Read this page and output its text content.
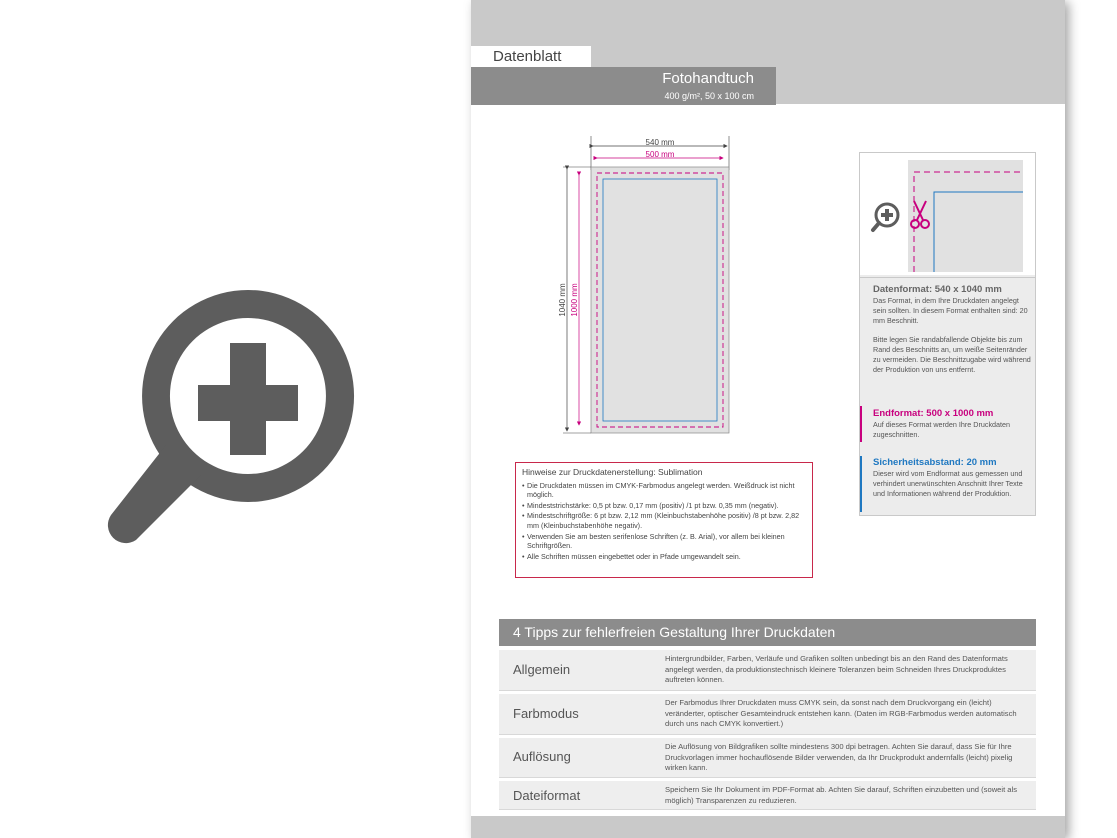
Datenblatt
Fotohandtuch
400 g/m², 50 x 100 cm
540 mm
500 mm
1040 mm 1000 mm
Hinweise zur Druckdatenerstellung: Sublimation
• Die Druckdaten müssen im CMYK-Farbmodus angelegt werden. Weißdruck ist nicht möglich.
• Mindeststrichstärke: 0,5 pt bzw. 0,17 mm (positiv) /1 pt bzw. 0,35 mm (negativ).
• Mindestschriftgröße: 6 pt bzw. 2,12 mm (Kleinbuchstabenhöhe positiv) /8 pt bzw. 2,82 mm (Kleinbuchstabenhöhe negativ).
• Verwenden Sie am besten serifenlose Schriften (z. B. Arial), vor allem bei kleinen Schriftgrößen.
• Alle Schriften müssen eingebettet oder in Pfade umgewandelt sein.
Datenformat: 540 x 1040 mm
Das Format, in dem Ihre Druckdaten angelegt sein sollten. In diesem Format enthalten sind: 20 mm Beschnitt.
Bitte legen Sie randabfallende Objekte bis zum Rand des Beschnitts an, um weiße Seitenränder zu vermeiden. Die Beschnittzugabe wird während der Produktion von uns entfernt.
Endformat: 500 x 1000 mm
Auf dieses Format werden Ihre Druckdaten zugeschnitten.
Sicherheitsabstand: 20 mm
Dieser wird vom Endformat aus gemessen und verhindert unerwünschten Anschnitt Ihrer Texte und Informationen während der Produktion.
4 Tipps zur fehlerfreien Gestaltung Ihrer Druckdaten
Allgemein
Hintergrundbilder, Farben, Verläufe und Grafiken sollten unbedingt bis an den Rand des Datenformats angelegt werden, da produktionstechnisch kleinere Toleranzen beim Schneiden Ihres Druckproduktes auftreten können.
Farbmodus
Der Farbmodus Ihrer Druckdaten muss CMYK sein, da sonst nach dem Druckvorgang ein (leicht) veränderter, optischer Gesamteindruck entstehen kann. (Daten im RGB-Farbmodus werden automatisch durch uns nach CMYK konvertiert.)
Auflösung
Die Auflösung von Bildgrafiken sollte mindestens 300 dpi betragen. Achten Sie darauf, dass Sie für Ihre Druckvorlagen immer hochauflösende Bilder verwenden, da Ihr Druckprodukt andernfalls (leicht) pixelig wirken kann.
Dateiformat	Speichern Sie Ihr Dokument im PDF-Format ab. Achten Sie darauf, Schriften einzubetten und (soweit als möglich) Transparenzen zu reduzieren.
